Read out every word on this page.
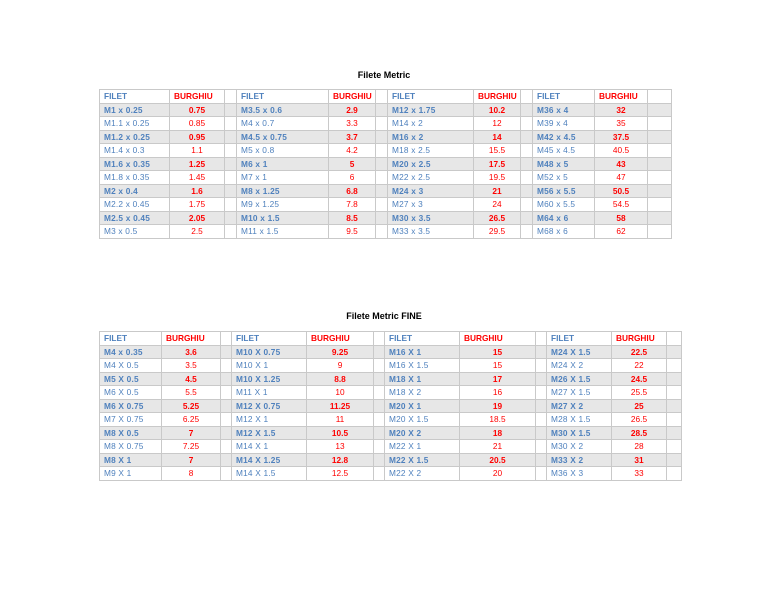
Filete Metric
FILET	BURGHIU		FILET	BURGHIU		FILET	BURGHIU		FILET	BURGHIU	
M1 x 0.25	0.75		M3.5 x 0.6	2.9		M12 x 1.75	10.2		M36 x 4	32	
M1.1 x 0.25	0.85		M4 x 0.7	3.3		M14 x 2	12		M39 x 4	35	
M1.2 x 0.25	0.95		M4.5 x 0.75	3.7		M16 x 2	14		M42 x 4.5	37.5	
M1.4 x 0.3	1.1		M5 x 0.8	4.2		M18 x 2.5	15.5		M45 x 4.5	40.5	
M1.6 x 0.35	1.25		M6 x 1	5		M20 x 2.5	17.5		M48 x 5	43	
M1.8 x 0.35	1.45		M7 x 1	6		M22 x 2.5	19.5		M52 x 5	47	
M2 x 0.4	1.6		M8 x 1.25	6.8		M24 x 3	21		M56 x 5.5	50.5	
M2.2 x 0.45	1.75		M9 x 1.25	7.8		M27 x 3	24		M60 x 5.5	54.5	
M2.5 x 0.45	2.05		M10 x 1.5	8.5		M30 x 3.5	26.5		M64 x 6	58	
M3 x 0.5	2.5		M11 x 1.5	9.5		M33 x 3.5	29.5		M68 x 6	62	
Filete Metric FINE
FILET	BURGHIU		FILET	BURGHIU		FILET	BURGHIU		FILET	BURGHIU	
M4 x 0.35	3.6		M10 X 0.75	9.25		M16 X 1	15		M24 X 1.5	22.5	
M4 X 0.5	3.5		M10 X 1	9		M16 X 1.5	15		M24 X 2	22	
M5 X 0.5	4.5		M10 X 1.25	8.8		M18 X 1	17		M26 X 1.5	24.5	
M6 X 0.5	5.5		M11 X 1	10		M18 X 2	16		M27 X 1.5	25.5	
M6 X 0.75	5.25		M12 X 0.75	11.25		M20 X 1	19		M27 X 2	25	
M7 X 0.75	6.25		M12 X 1	11		M20 X 1.5	18.5		M28 X 1.5	26.5	
M8 X 0.5	7		M12 X 1.5	10.5		M20 X 2	18		M30 X 1.5	28.5	
M8 X 0.75	7.25		M14 X 1	13		M22 X 1	21		M30 X 2	28	
M8 X 1	7		M14 X 1.25	12.8		M22 X 1.5	20.5		M33 X 2	31	
M9 X 1	8		M14 X 1.5	12.5		M22 X 2	20		M36 X 3	33	
